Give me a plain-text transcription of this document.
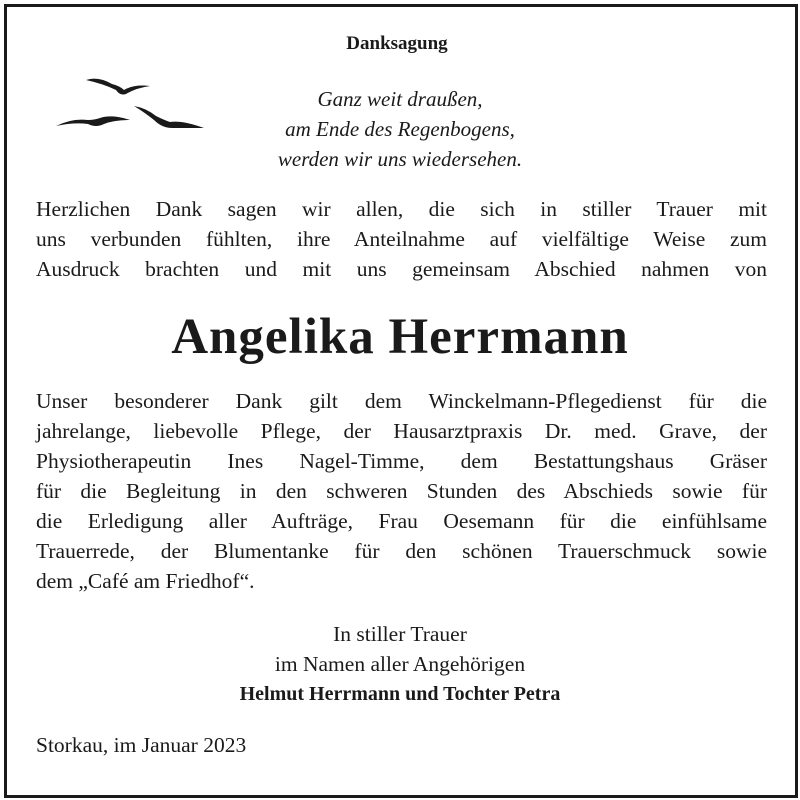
Danksagung
Ganz weit draußen,
am Ende des Regenbogens,
werden wir uns wiedersehen.
Herzlichen Dank sagen wir allen, die sich in stiller Trauer mit
uns verbunden fühlten, ihre Anteilnahme auf vielfältige Weise zum
Ausdruck brachten und mit uns gemeinsam Abschied nahmen von
Angelika Herrmann
Unser besonderer Dank gilt dem Winckelmann-Pflegedienst für die
jahrelange, liebevolle Pflege, der Hausarztpraxis Dr. med. Grave, der
Physiotherapeutin Ines Nagel-Timme, dem Bestattungshaus Gräser
für die Begleitung in den schweren Stunden des Abschieds sowie für
die Erledigung aller Aufträge, Frau Oesemann für die einfühlsame
Trauerrede, der Blumentanke für den schönen Trauerschmuck sowie
dem „Café am Friedhof“.
In stiller Trauer
im Namen aller Angehörigen
Helmut Herrmann und Tochter Petra
Storkau, im Januar 2023
